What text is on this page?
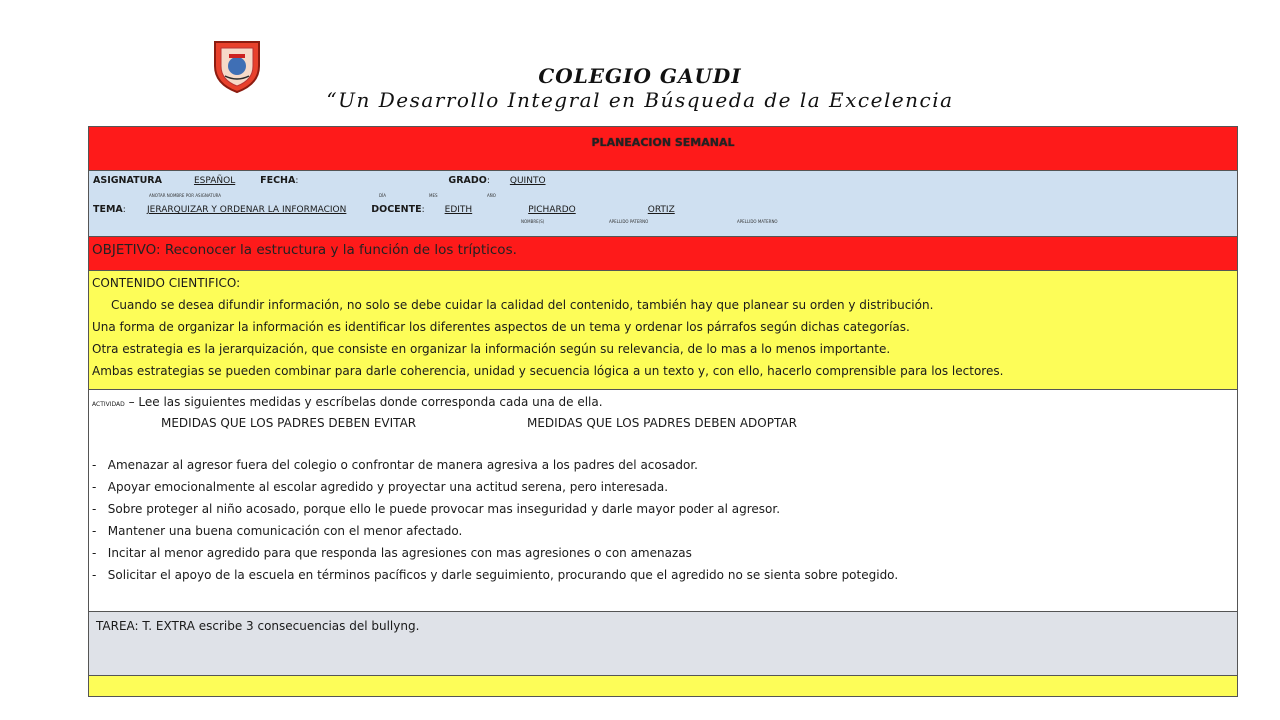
COLEGIO GAUDI
“Un Desarrollo Integral en Búsqueda de la Excelencia
PLANEACION SEMANAL
ASIGNATURA	ESPAÑOL	FECHA:	GRADO: QUINTO
ANOTAR NOMBRE POR ASIGNATURA	DÍA	MES	AÑO
TEMA:      JERARQUIZAR Y ORDENAR LA INFORMACION	DOCENTE: EDITH	PICHARDO	ORTIZ
NOMBRE(S)	APELLIDO PATERNO	APELLIDO MATERNO
OBJETIVO: Reconocer la estructura y la función de los trípticos.

CONTENIDO CIENTIFICO:

Cuando se desea difundir información, no solo se debe cuidar la calidad del contenido, también hay que planear su orden y distribución.

Una forma de organizar la información es identificar los diferentes aspectos de un tema y ordenar los párrafos según dichas categorías.

Otra estrategia es la jerarquización, que consiste en organizar la información según su relevancia, de lo mas a lo menos importante.

Ambas estrategias se pueden combinar para darle coherencia, unidad y secuencia lógica a un texto y, con ello, hacerlo comprensible para los lectores.

ACTIVIDAD – Lee las siguientes medidas y escríbelas donde corresponda cada una de ella.
MEDIDAS QUE LOS PADRES DEBEN EVITAR	MEDIDAS QUE LOS PADRES DEBEN ADOPTAR
-   Amenazar al agresor fuera del colegio o confrontar de manera agresiva a los padres del acosador.
-   Apoyar emocionalmente al escolar agredido y proyectar una actitud serena, pero interesada.
-   Sobre proteger al niño acosado, porque ello le puede provocar mas inseguridad y darle mayor poder al agresor.
-   Mantener una buena comunicación con el menor afectado.
-   Incitar al menor agredido para que responda las agresiones con mas agresiones o con amenazas
-   Solicitar el apoyo de la escuela en términos pacíficos y darle seguimiento, procurando que el agredido no se sienta sobre potegido.
TAREA: T. EXTRA escribe 3 consecuencias del bullyng.
